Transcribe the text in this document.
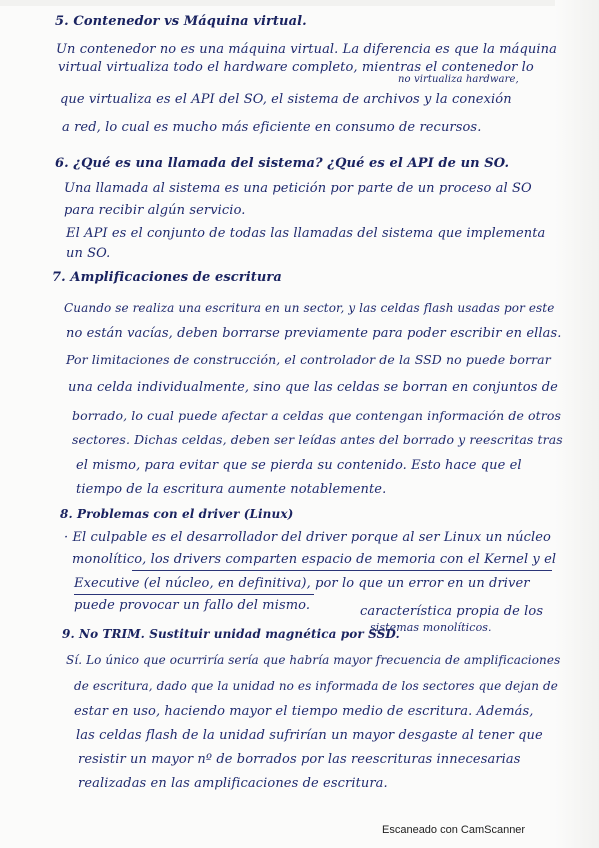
5. Contenedor vs Máquina virtual.
Un contenedor no es una máquina virtual. La diferencia es que la máquina
no virtualiza hardware,
virtual virtualiza todo el hardware completo, mientras el contenedor lo
que virtualiza es el API del SO, el sistema de archivos y la conexión
a red, lo cual es mucho más eficiente en consumo de recursos.
6. ¿Qué es una llamada del sistema? ¿Qué es el API de un SO.
Una llamada al sistema es una petición por parte de un proceso al SO
para recibir algún servicio.
El API es el conjunto de todas las llamadas del sistema que implementa
un SO.
7. Amplificaciones de escritura
Cuando se realiza una escritura en un sector, y las celdas flash usadas por este
no están vacías, deben borrarse previamente para poder escribir en ellas.
Por limitaciones de construcción, el controlador de la SSD no puede borrar
una celda individualmente, sino que las celdas se borran en conjuntos de
borrado, lo cual puede afectar a celdas que contengan información de otros
sectores. Dichas celdas, deben ser leídas antes del borrado y reescritas tras
el mismo, para evitar que se pierda su contenido. Esto hace que el
tiempo de la escritura aumente notablemente.
8. Problemas con el driver (Linux)
· El culpable es el desarrollador del driver porque al ser Linux un núcleo
monolítico, los drivers comparten espacio de memoria con el Kernel y el
Executive (el núcleo, en definitiva), por lo que un error en un driver
puede provocar un fallo del mismo.	característica propia de los
sistemas monolíticos.
9. No TRIM. Sustituir unidad magnética por SSD.
Sí. Lo único que ocurriría sería que habría mayor frecuencia de amplificaciones
de escritura, dado que la unidad no es informada de los sectores que dejan de
estar en uso, haciendo mayor el tiempo medio de escritura. Además,
las celdas flash de la unidad sufrirían un mayor desgaste al tener que
resistir un mayor nº de borrados por las reescrituras innecesarias
realizadas en las amplificaciones de escritura.
Escaneado con CamScanner
